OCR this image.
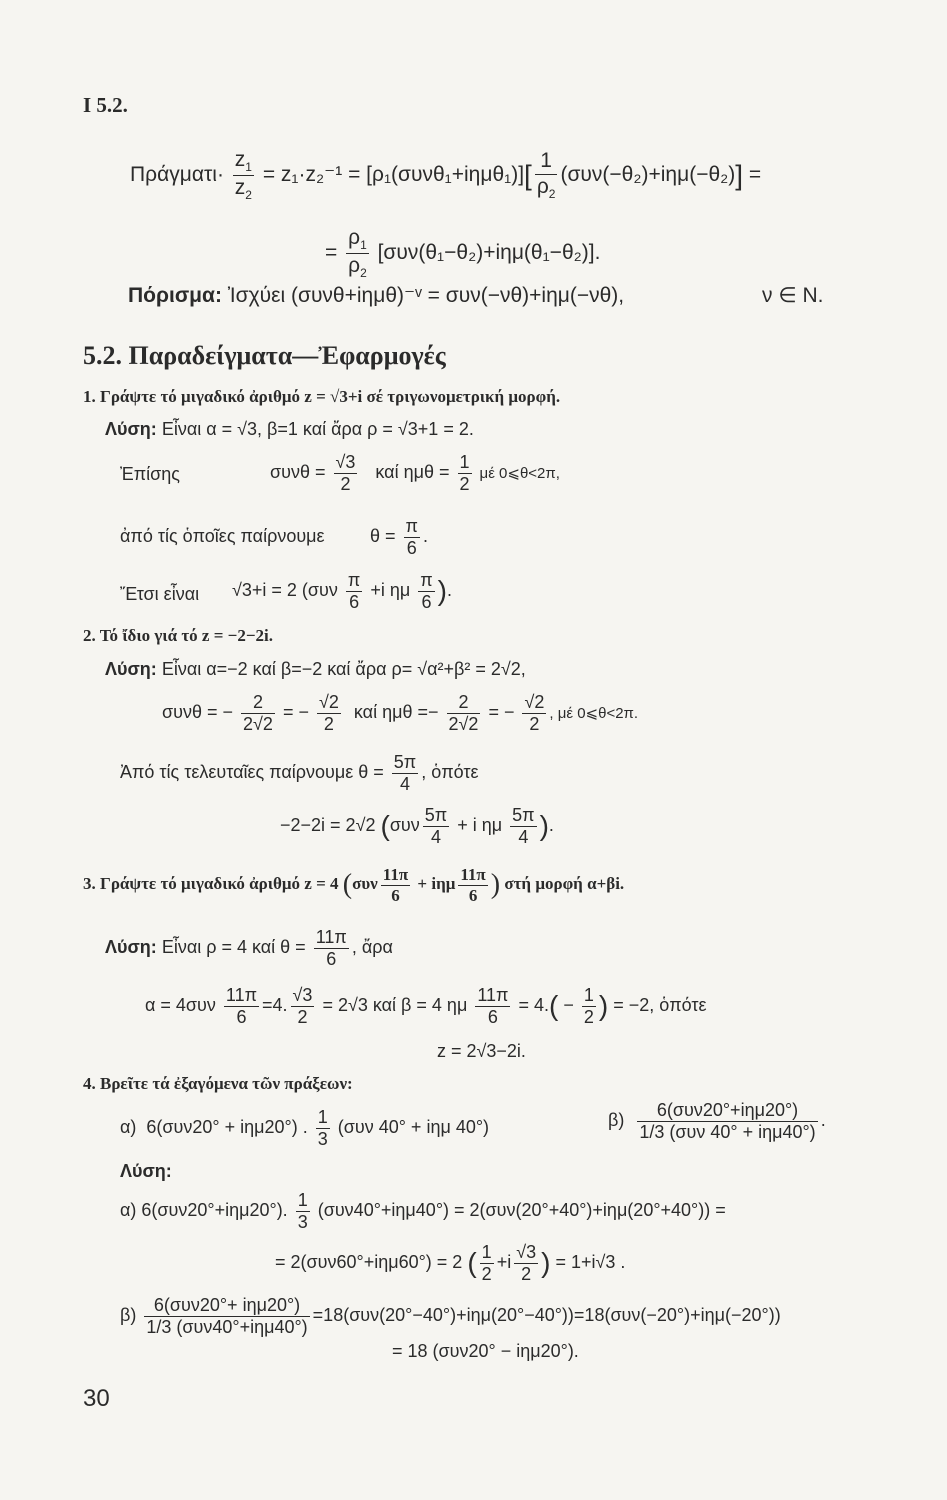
Ι 5.2.
$\Pi\rho ά\gamma\mu\alpha\tau\iota\cdot \frac{z_1}{z_2} = z_1\cdot z_2^{-1} = [\rho_1(\sigma\upsilon\nu\theta_1+i\eta\mu\theta_1)][ \frac{1}{\rho_2} (\sigma\upsilon\nu(-\theta_2)+i\eta\mu(-\theta_2)]$ =
= $\frac{\rho_1}{\rho_2} [\sigma\upsilon\nu(\theta_1-\theta_2)+i\eta\mu(\theta_1-\theta_2)]$.
Πόρισμα: Ἰσχύει (συνθ+iημθ)⁻ᵛ = συν(−νθ)+iημ(−νθ),	ν ∈ N.
5.2. Παραδείγματα—Ἐφαρμογές
1. Γράψτε τό μιγαδικό ἀριθμό z = √3+i σέ τριγωνομετρική μορφή.
Λύση: Εἶναι α = √3, β=1 καί ἄρα ρ = √3+1 = 2.
Ἐπίσης	$\sigma\upsilon\nu\theta = \frac{√3}{2}$ καί $\eta\mu\theta = \frac{1}{2}$ μέ 0⩽θ<2π,
ἀπό τίς ὁποῖες παίρνουμε	$\theta = \frac{\pi}{6}$ .
Ἔτσι εἶναι √3+i = 2 ($\sigma\upsilon\nu \frac{\pi}{6} +i$ ημ $\frac{\pi}{6}$ ).
2. Τό ἴδιο γιά τό z = −2−2i.
Λύση: Εἶναι α=−2 καί β=−2 καί ἄρα ρ= √α²+β² = 2√2,
συνθ = − $\frac{2}{2√2}$ = − $\frac{√2}{2}$ καί $\eta\mu\theta =- \frac{2}{2√2}$ = − $\frac{√2}{2}$ , μέ 0⩽θ<2π.
Ἀπό τίς τελευταῖες παίρνουμε $\theta = \frac{5\pi}{4}$ , ὁπότε
−2−2i = 2√2 ($\sigma\upsilon\nu \frac{5\pi}{4} + i$ ημ $\frac{5\pi}{4}$ ).
3. Γράψτε τό μιγαδικό ἀριθμό z = 4 ($\sigma\upsilon\nu \frac{11\pi}{6} + i\eta\mu \frac{11\pi}{6}$ ) στή μορφή α+βi.
Λύση: Εἶναι ρ = 4 καί $\theta = \frac{11\pi}{6}$ , ἄρα
$\alpha = 4\sigma\upsilon\nu \frac{11\pi}{6} =4$. $\frac{√3}{2} = 2√3$ καί β = 4 ημ $\frac{11\pi}{6} = 4.( - \frac{1}{2}$ ) = −2, ὁπότε
z = 2√3−2i.
4. Βρεῖτε τά ἐξαγόμενα τῶν πράξεων:
α) 6(συν20° + iημ20°) . $\frac{1}{3} (\sigma\upsilon\nu$ 40° + iημ 40°)	β)	6(συν20°+iημ20°)
1/3 (συν 40° + iημ40°)
.
Λύση:
α) 6(συν20°+iημ20°). $\frac{1}{3} (\sigma\upsilon\nu 40^\circ+i\eta\mu 40^\circ) = 2(\sigma\upsilon\nu(20^\circ+40^\circ)+i\eta\mu(20^\circ+40^\circ))$ =
= 2(συν60°+iημ60°) = 2 ( $\frac{1}{2} +i \frac{√3}{2}$ ) = 1+i√3 .
β) 6(συν20°+ iημ20°)
1/3 (συν40°+iημ40°)
=18(συν(20°−40°)+iημ(20°−40°))=18(συν(−20°)+iημ(−20°))
= 18 (συν20° − iημ20°).
30
